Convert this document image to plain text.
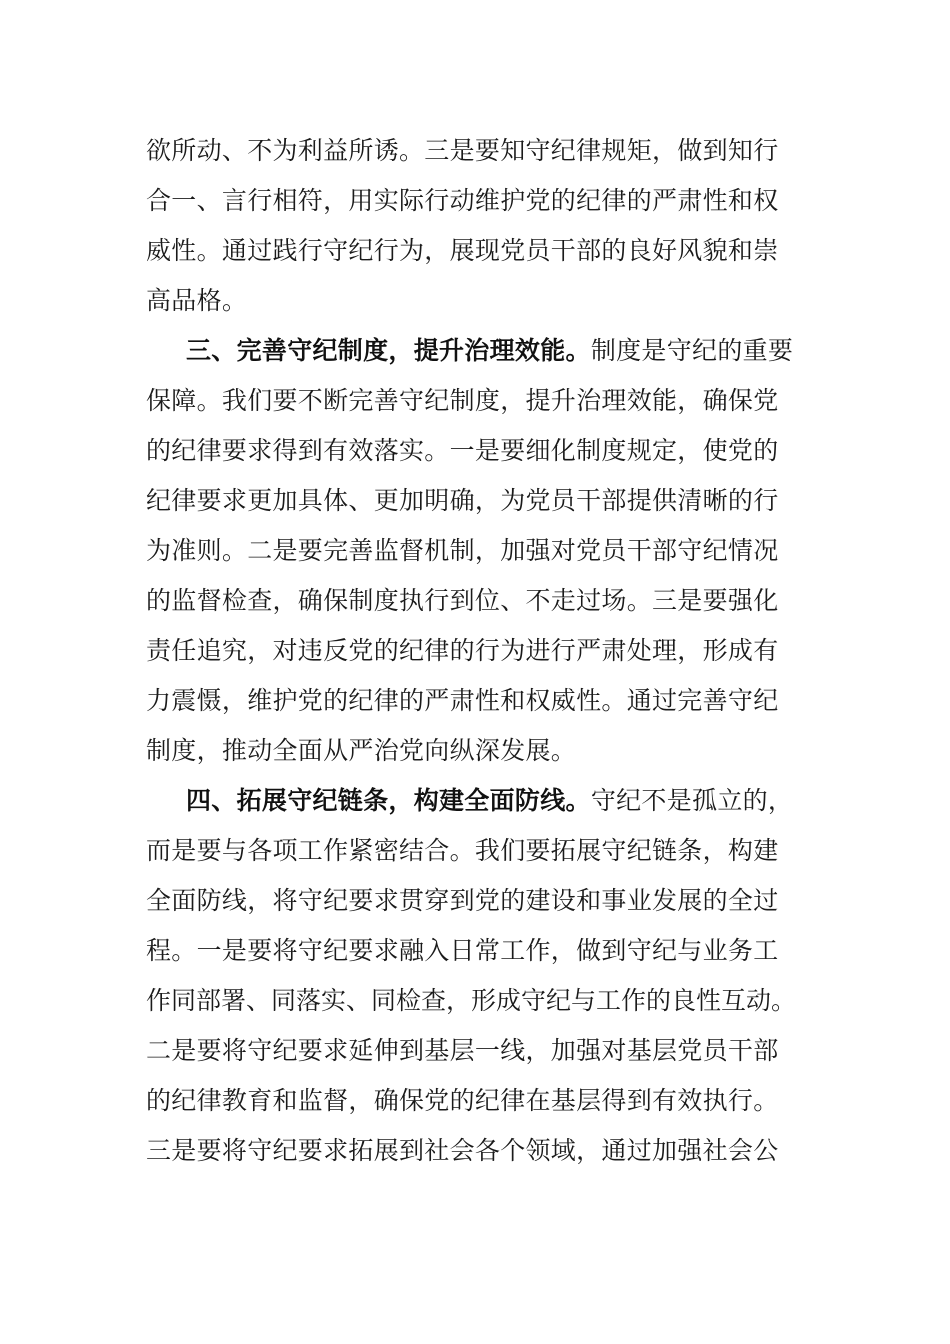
欲所动、不为利益所诱。三是要知守纪律规矩，做到知行
合一、言行相符，用实际行动维护党的纪律的严肃性和权
威性。通过践行守纪行为，展现党员干部的良好风貌和崇
高品格。
三、完善守纪制度，提升治理效能。制度是守纪的重要
保障。我们要不断完善守纪制度，提升治理效能，确保党
的纪律要求得到有效落实。一是要细化制度规定，使党的
纪律要求更加具体、更加明确，为党员干部提供清晰的行
为准则。二是要完善监督机制，加强对党员干部守纪情况
的监督检查，确保制度执行到位、不走过场。三是要强化
责任追究，对违反党的纪律的行为进行严肃处理，形成有
力震慑，维护党的纪律的严肃性和权威性。通过完善守纪
制度，推动全面从严治党向纵深发展。
四、拓展守纪链条，构建全面防线。守纪不是孤立的，
而是要与各项工作紧密结合。我们要拓展守纪链条，构建
全面防线，将守纪要求贯穿到党的建设和事业发展的全过
程。一是要将守纪要求融入日常工作，做到守纪与业务工
作同部署、同落实、同检查，形成守纪与工作的良性互动。
二是要将守纪要求延伸到基层一线，加强对基层党员干部
的纪律教育和监督，确保党的纪律在基层得到有效执行。
三是要将守纪要求拓展到社会各个领域，通过加强社会公
